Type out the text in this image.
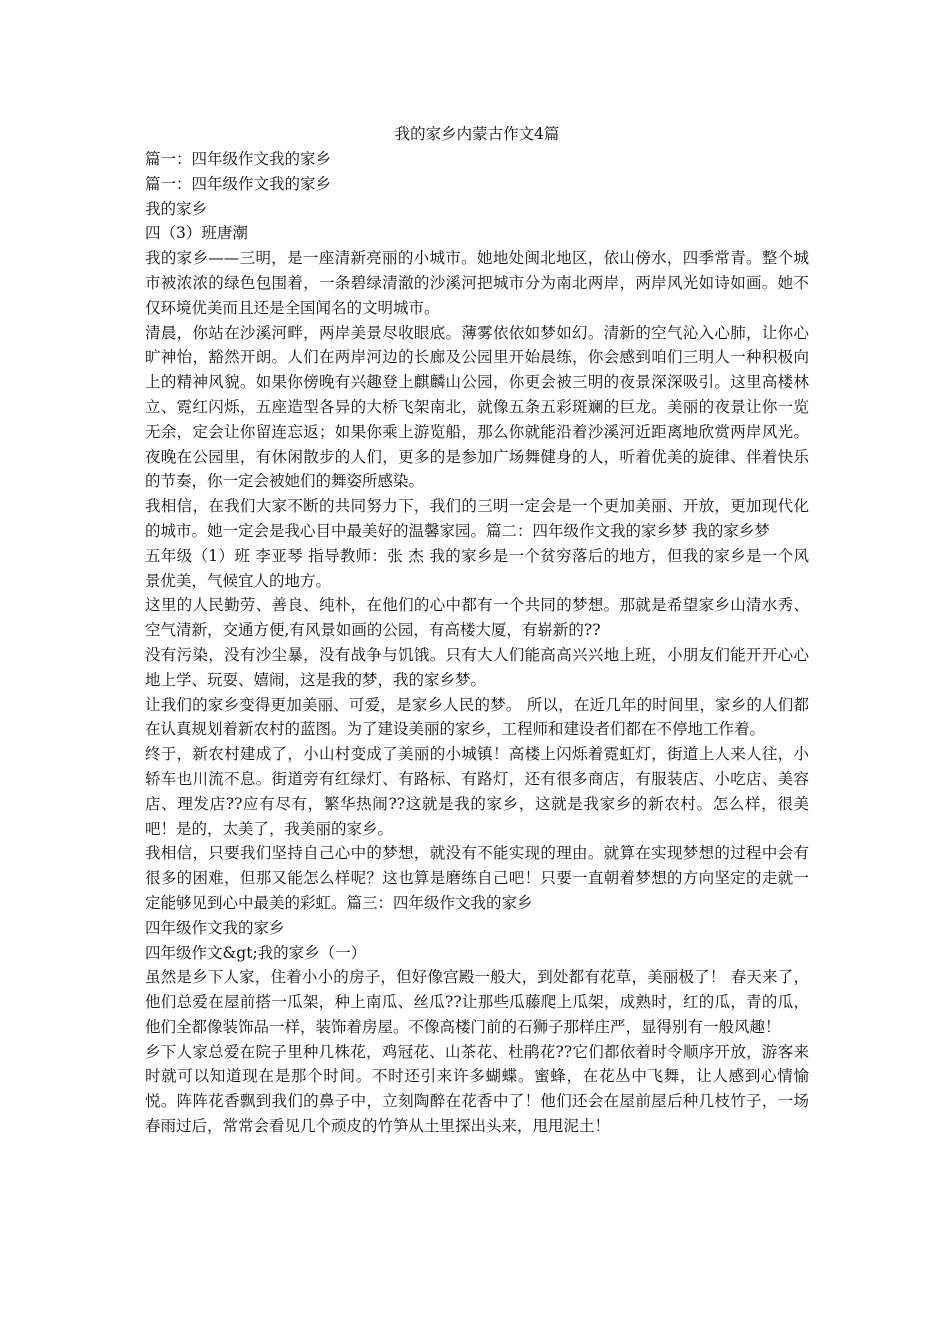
我的家乡内蒙古作文4篇

篇一：四年级作文我的家乡

篇一：四年级作文我的家乡

我的家乡

四（3）班唐潮

我的家乡——三明，是一座清新亮丽的小城市。她地处闽北地区，依山傍水，四季常青。整个城市被浓浓的绿色包围着，一条碧绿清澈的沙溪河把城市分为南北两岸，两岸风光如诗如画。她不仅环境优美而且还是全国闻名的文明城市。

清晨，你站在沙溪河畔，两岸美景尽收眼底。薄雾依依如梦如幻。清新的空气沁入心肺，让你心旷神怡，豁然开朗。人们在两岸河边的长廊及公园里开始晨练，你会感到咱们三明人一种积极向上的精神风貌。如果你傍晚有兴趣登上麒麟山公园，你更会被三明的夜景深深吸引。这里高楼林立、霓红闪烁，五座造型各异的大桥飞架南北，就像五条五彩斑斓的巨龙。美丽的夜景让你一览无余，定会让你留连忘返；如果你乘上游览船，那么你就能沿着沙溪河近距离地欣赏两岸风光。夜晚在公园里，有休闲散步的人们，更多的是参加广场舞健身的人，听着优美的旋律、伴着快乐的节奏，你一定会被她们的舞姿所感染。

我相信，在我们大家不断的共同努力下，我们的三明一定会是一个更加美丽、开放，更加现代化的城市。她一定会是我心目中最美好的温馨家园。篇二：四年级作文我的家乡梦 我的家乡梦

五年级（1）班 李亚琴 指导教师：张 杰 我的家乡是一个贫穷落后的地方，但我的家乡是一个风景优美，气候宜人的地方。

这里的人民勤劳、善良、纯朴，在他们的心中都有一个共同的梦想。那就是希望家乡山清水秀、空气清新，交通方便,有风景如画的公园，有高楼大厦，有崭新的??

没有污染，没有沙尘暴，没有战争与饥饿。只有大人们能高高兴兴地上班，小朋友们能开开心心地上学、玩耍、嬉闹，这是我的梦，我的家乡梦。

让我们的家乡变得更加美丽、可爱，是家乡人民的梦。 所以，在近几年的时间里，家乡的人们都在认真规划着新农村的蓝图。为了建设美丽的家乡，工程师和建设者们都在不停地工作着。

终于，新农村建成了，小山村变成了美丽的小城镇！高楼上闪烁着霓虹灯，街道上人来人往，小轿车也川流不息。街道旁有红绿灯、有路标、有路灯，还有很多商店，有服装店、小吃店、美容店、理发店??应有尽有，繁华热闹??这就是我的家乡，这就是我家乡的新农村。怎么样，很美吧！是的，太美了，我美丽的家乡。

我相信，只要我们坚持自己心中的梦想，就没有不能实现的理由。就算在实现梦想的过程中会有很多的困难，但那又能怎么样呢？这也算是磨练自己吧！只要一直朝着梦想的方向坚定的走就一定能够见到心中最美的彩虹。篇三：四年级作文我的家乡

四年级作文我的家乡

四年级作文&gt;我的家乡（一）

虽然是乡下人家，住着小小的房子，但好像宫殿一般大，到处都有花草，美丽极了！ 春天来了，他们总爱在屋前搭一瓜架，种上南瓜、丝瓜??让那些瓜藤爬上瓜架，成熟时，红的瓜，青的瓜，他们全都像装饰品一样，装饰着房屋。不像高楼门前的石狮子那样庄严，显得别有一般风趣！

乡下人家总爱在院子里种几株花，鸡冠花、山茶花、杜鹃花??它们都依着时令顺序开放，游客来时就可以知道现在是那个时间。不时还引来许多蝴蝶。蜜蜂，在花丛中飞舞，让人感到心情愉悦。阵阵花香飘到我们的鼻子中，立刻陶醉在花香中了！他们还会在屋前屋后种几枝竹子，一场春雨过后，常常会看见几个顽皮的竹笋从土里探出头来，甩甩泥土！
